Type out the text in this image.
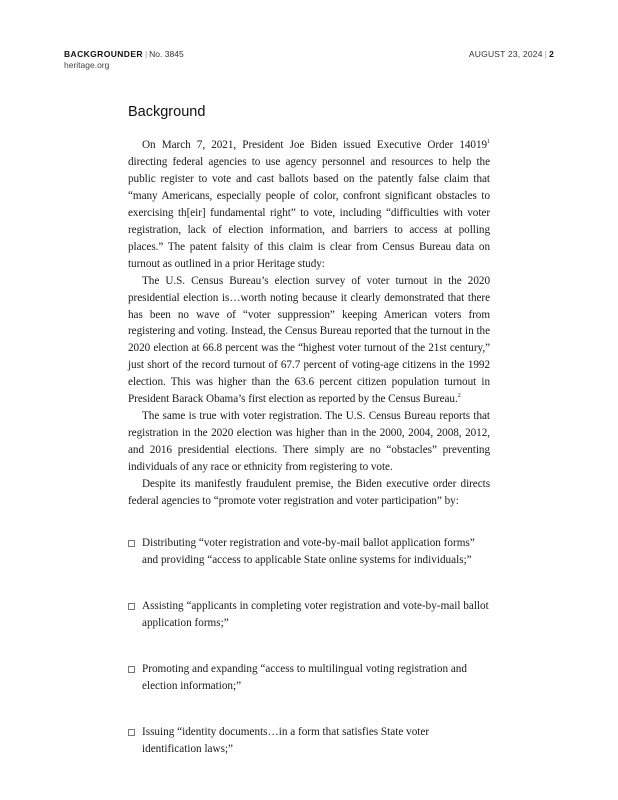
BACKGROUNDER | No. 3845
heritage.org
AUGUST 23, 2024 | 2
Background

On March 7, 2021, President Joe Biden issued Executive Order 14019$^1$ directing federal agencies to use agency personnel and resources to help the public register to vote and cast ballots based on the patently false claim that “many Americans, especially people of color, confront significant obstacles to exercising th[eir] fundamental right” to vote, including “difficulties with voter registration, lack of election information, and barriers to access at polling places.” The patent falsity of this claim is clear from Census Bureau data on turnout as outlined in a prior Heritage study:

The U.S. Census Bureau’s election survey of voter turnout in the 2020 presidential election is…worth noting because it clearly demonstrated that there has been no wave of “voter suppression” keeping American voters from registering and voting. Instead, the Census Bureau reported that the turnout in the 2020 election at 66.8 percent was the “highest voter turnout of the 21st century,” just short of the record turnout of 67.7 percent of voting-age citizens in the 1992 election. This was higher than the 63.6 percent citizen population turnout in President Barack Obama’s first election as reported by the Census Bureau.$^2$

The same is true with voter registration. The U.S. Census Bureau reports that registration in the 2020 election was higher than in the 2000, 2004, 2008, 2012, and 2016 presidential elections. There simply are no “obstacles” preventing individuals of any race or ethnicity from registering to vote.

Despite its manifestly fraudulent premise, the Biden executive order directs federal agencies to “promote voter registration and voter participation” by:

Distributing “voter registration and vote-by-mail ballot application forms” and providing “access to applicable State online systems for individuals;”
Assisting “applicants in completing voter registration and vote-by-mail ballot application forms;”
Promoting and expanding “access to multilingual voting registration and election information;”
Issuing “identity documents…in a form that satisfies State voter identification laws;”
